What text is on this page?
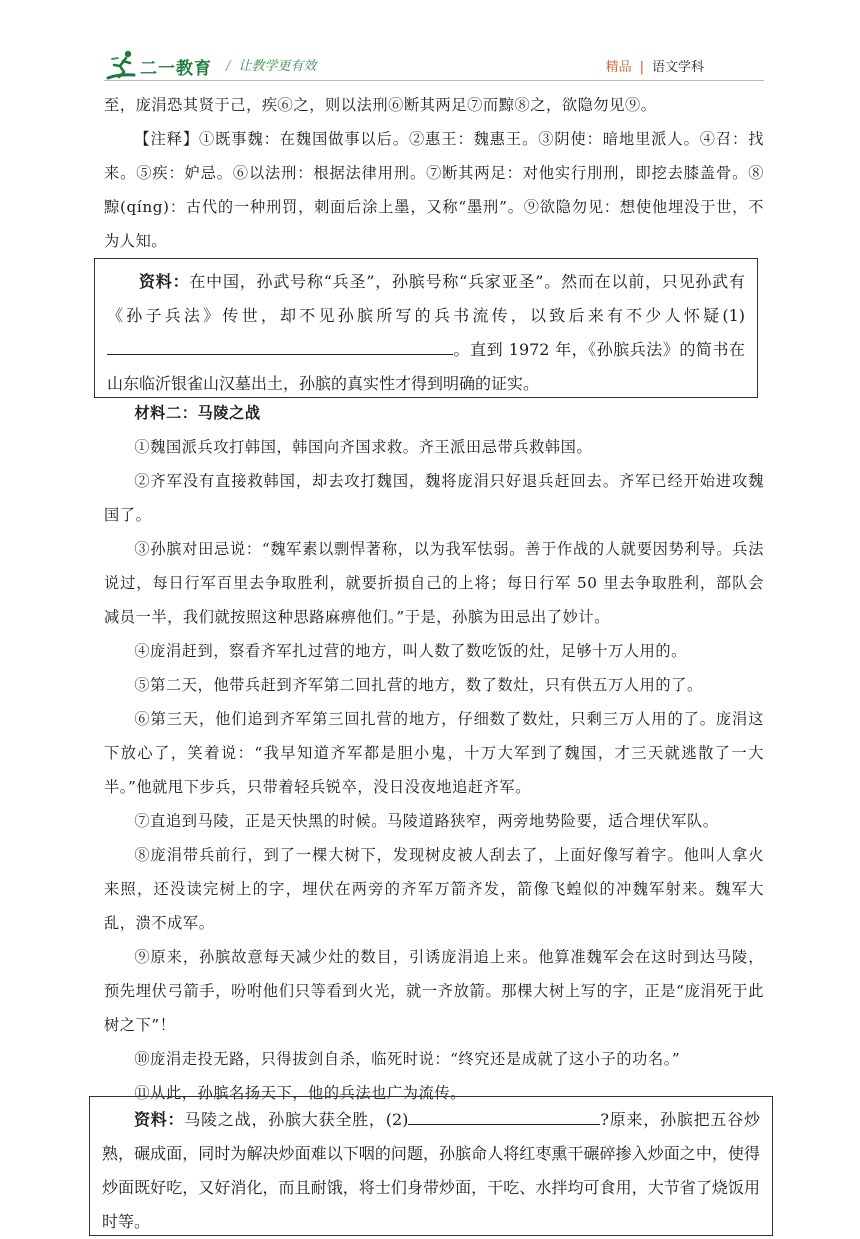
二一教育 / 让教学更有效	精品 | 语文学科

至，庞涓恐其贤于己，疾⑥之，则以法刑⑥断其两足⑦而黥⑧之，欲隐勿见⑨。

【注释】①既事魏：在魏国做事以后。②惠王：魏惠王。③阴使：暗地里派人。④召：找来。⑤疾：妒忌。⑥以法刑：根据法律用刑。⑦断其两足：对他实行刖刑，即挖去膝盖骨。⑧黥(qíng)：古代的一种刑罚，刺面后涂上墨，又称“墨刑”。⑨欲隐勿见：想使他埋没于世，不为人知。

资料：在中国，孙武号称“兵圣”，孙膑号称“兵家亚圣”。然而在以前，只见孙武有《孙子兵法》传世，却不见孙膑所写的兵书流传，以致后来有不少人怀疑(1)。直到 1972 年，《孙膑兵法》的简书在山东临沂银雀山汉墓出土，孙膑的真实性才得到明确的证实。

材料二：马陵之战

①魏国派兵攻打韩国，韩国向齐国求救。齐王派田忌带兵救韩国。

②齐军没有直接救韩国，却去攻打魏国，魏将庞涓只好退兵赶回去。齐军已经开始进攻魏国了。

③孙膑对田忌说：“魏军素以剽悍著称，以为我军怯弱。善于作战的人就要因势利导。兵法说过，每日行军百里去争取胜利，就要折损自己的上将；每日行军 50 里去争取胜利，部队会减员一半，我们就按照这种思路麻痹他们。”于是，孙膑为田忌出了妙计。

④庞涓赶到，察看齐军扎过营的地方，叫人数了数吃饭的灶，足够十万人用的。

⑤第二天，他带兵赶到齐军第二回扎营的地方，数了数灶，只有供五万人用的了。

⑥第三天，他们追到齐军第三回扎营的地方，仔细数了数灶，只剩三万人用的了。庞涓这下放心了，笑着说：“我早知道齐军都是胆小鬼，十万大军到了魏国，才三天就逃散了一大半。”他就甩下步兵，只带着轻兵锐卒，没日没夜地追赶齐军。

⑦直追到马陵，正是天快黑的时候。马陵道路狭窄，两旁地势险要，适合埋伏军队。

⑧庞涓带兵前行，到了一棵大树下，发现树皮被人刮去了，上面好像写着字。他叫人拿火来照，还没读完树上的字，埋伏在两旁的齐军万箭齐发，箭像飞蝗似的冲魏军射来。魏军大乱，溃不成军。

⑨原来，孙膑故意每天减少灶的数目，引诱庞涓追上来。他算准魏军会在这时到达马陵，预先埋伏弓箭手，吩咐他们只等看到火光，就一齐放箭。那棵大树上写的字，正是“庞涓死于此树之下”！

⑩庞涓走投无路，只得拔剑自杀，临死时说：“终究还是成就了这小子的功名。”

⑪从此，孙膑名扬天下，他的兵法也广为流传。

资料：马陵之战，孙膑大获全胜，(2)	?原来，孙膑把五谷炒熟，碾成面，同时为解决炒面难以下咽的问题，孙膑命人将红枣熏干碾碎掺入炒面之中，使得炒面既好吃，又好消化，而且耐饿，将士们身带炒面，干吃、水拌均可食用，大节省了烧饭用时等。
